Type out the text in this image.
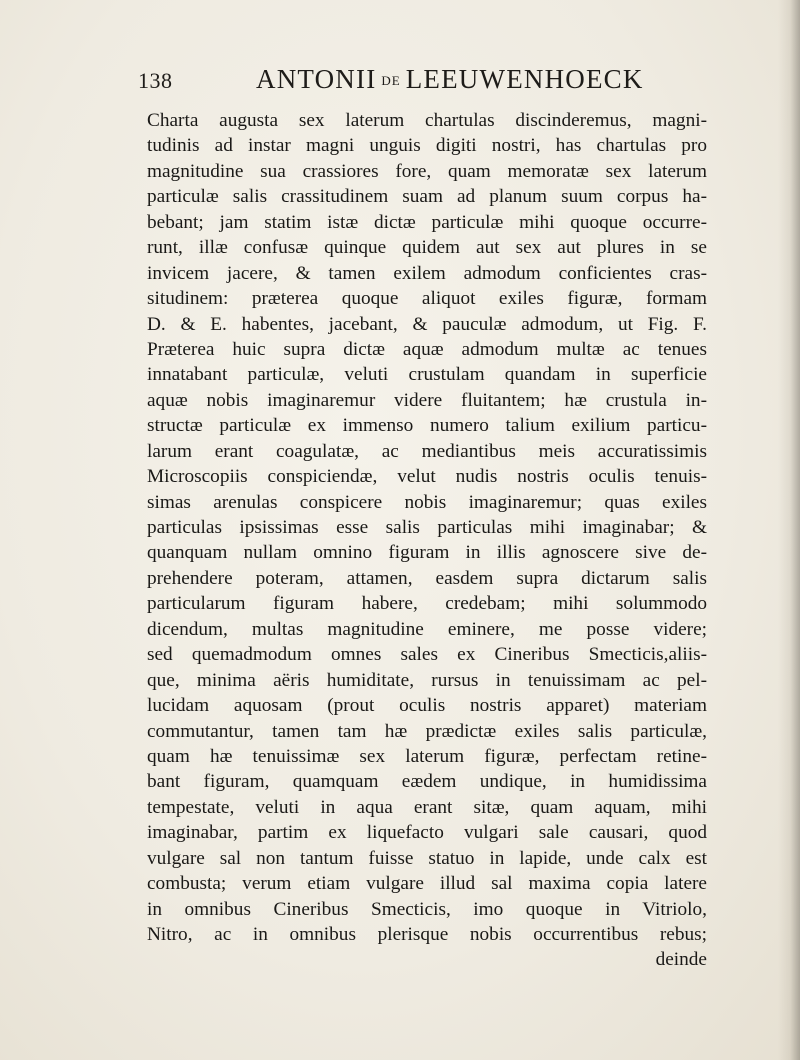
138	ANTONII DE LEEUWENHOECK
Charta augusta sex laterum chartulas discinderemus, magni-
tudinis ad instar magni unguis digiti nostri, has chartulas pro
magnitudine sua crassiores fore, quam memoratæ sex laterum
particulæ salis crassitudinem suam ad planum suum corpus ha-
bebant; jam statim istæ dictæ particulæ mihi quoque occurre-
runt, illæ confusæ quinque quidem aut sex aut plures in se
invicem jacere, & tamen exilem admodum conficientes cras-
situdinem: præterea quoque aliquot exiles figuræ, formam
D. & E. habentes, jacebant, & pauculæ admodum, ut Fig. F.
Præterea huic supra dictæ aquæ admodum multæ ac tenues
innatabant particulæ, veluti crustulam quandam in superficie
aquæ nobis imaginaremur videre fluitantem; hæ crustula in-
structæ particulæ ex immenso numero talium exilium particu-
larum erant coagulatæ, ac mediantibus meis accuratissimis
Microscopiis conspiciendæ, velut nudis nostris oculis tenuis-
simas arenulas conspicere nobis imaginaremur; quas exiles
particulas ipsissimas esse salis particulas mihi imaginabar; &
quanquam nullam omnino figuram in illis agnoscere sive de-
prehendere poteram, attamen, easdem supra dictarum salis
particularum figuram habere, credebam; mihi solummodo
dicendum, multas magnitudine eminere, me posse videre;
sed quemadmodum omnes sales ex Cineribus Smecticis,aliis-
que, minima aëris humiditate, rursus in tenuissimam ac pel-
lucidam aquosam (prout oculis nostris apparet) materiam
commutantur, tamen tam hæ prædictæ exiles salis particulæ,
quam hæ tenuissimæ sex laterum figuræ, perfectam retine-
bant figuram, quamquam eædem undique, in humidissima
tempestate, veluti in aqua erant sitæ, quam aquam, mihi
imaginabar, partim ex liquefacto vulgari sale causari, quod
vulgare sal non tantum fuisse statuo in lapide, unde calx est
combusta; verum etiam vulgare illud sal maxima copia latere
in omnibus Cineribus Smecticis, imo quoque in Vitriolo,
Nitro, ac in omnibus plerisque nobis occurrentibus rebus;
deinde
